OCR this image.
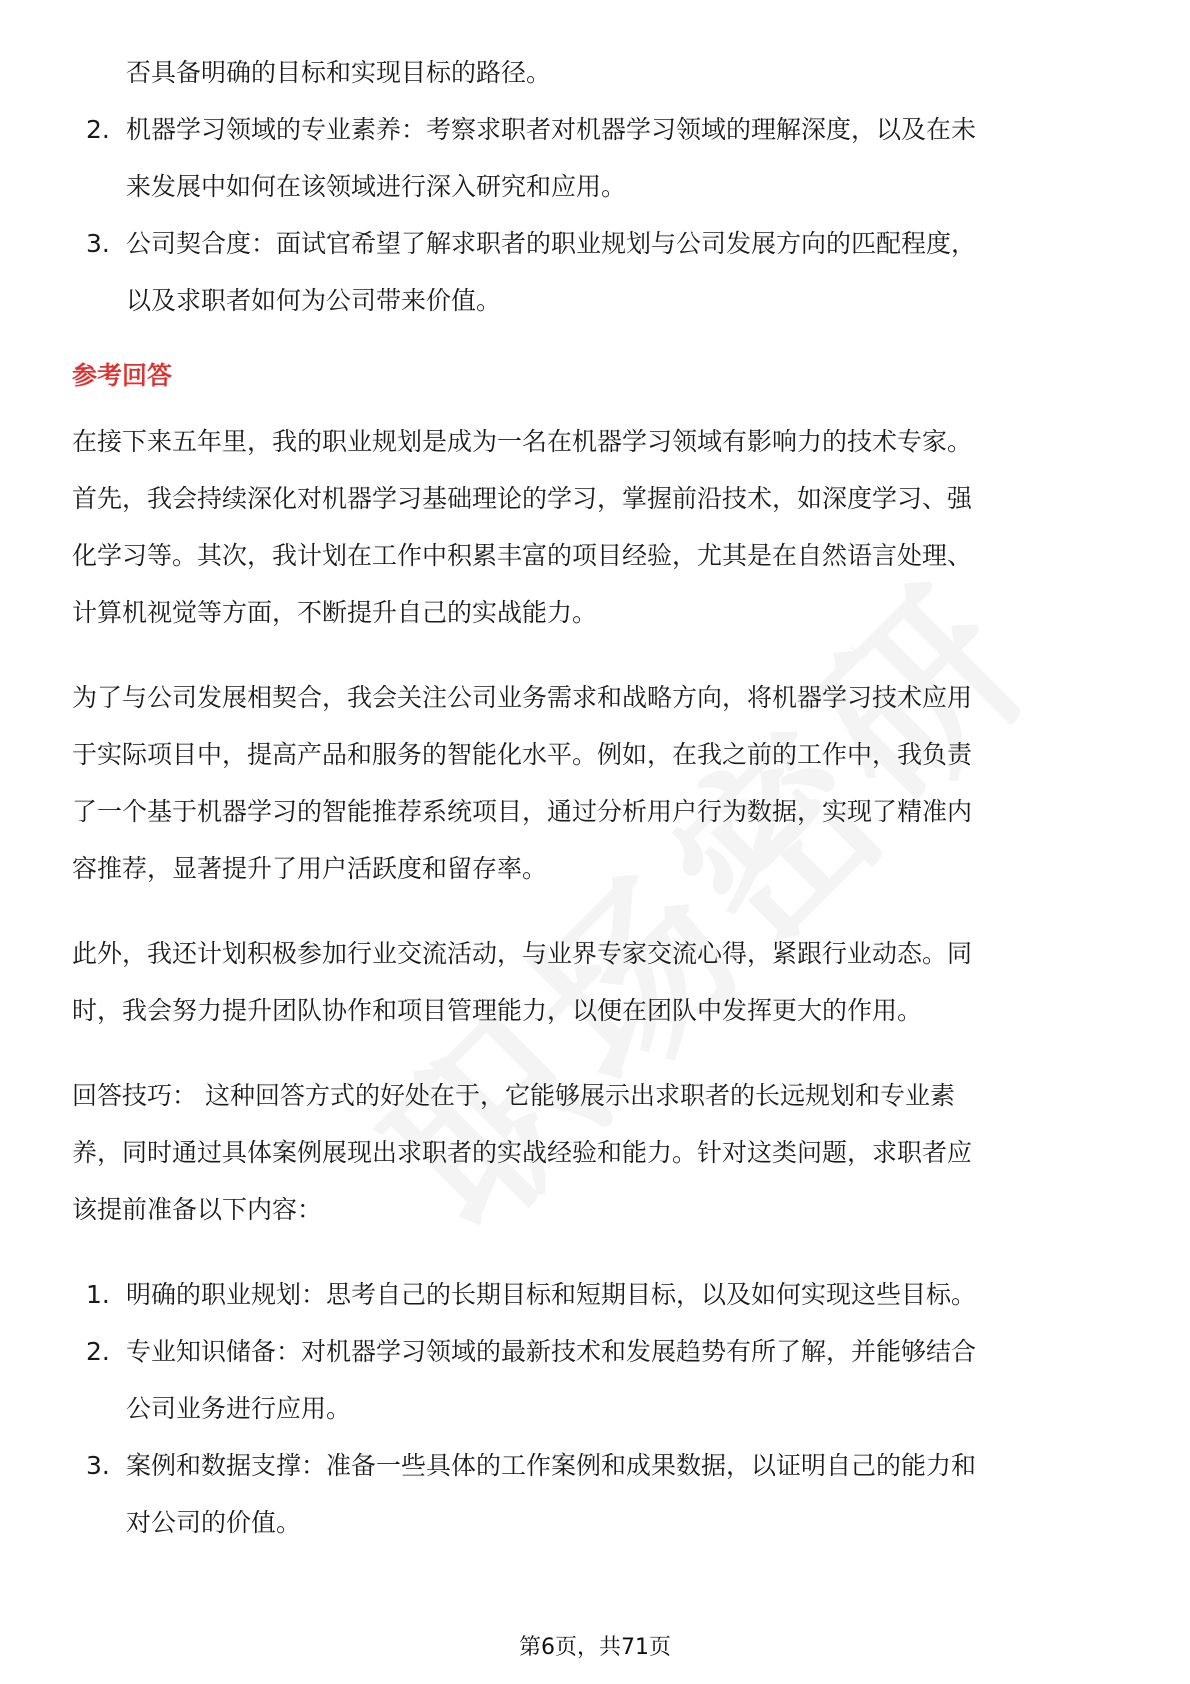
否具备明确的目标和实现目标的路径。
2. 机器学习领域的专业素养：考察求职者对机器学习领域的理解深度，以及在未
来发展中如何在该领域进行深入研究和应用。
3. 公司契合度：面试官希望了解求职者的职业规划与公司发展方向的匹配程度，
以及求职者如何为公司带来价值。
参考回答
在接下来五年里，我的职业规划是成为一名在机器学习领域有影响力的技术专家。
首先，我会持续深化对机器学习基础理论的学习，掌握前沿技术，如深度学习、强
化学习等。其次，我计划在工作中积累丰富的项目经验，尤其是在自然语言处理、
计算机视觉等方面，不断提升自己的实战能力。
为了与公司发展相契合，我会关注公司业务需求和战略方向，将机器学习技术应用
于实际项目中，提高产品和服务的智能化水平。例如，在我之前的工作中，我负责
了一个基于机器学习的智能推荐系统项目，通过分析用户行为数据，实现了精准内
容推荐，显著提升了用户活跃度和留存率。
此外，我还计划积极参加行业交流活动，与业界专家交流心得，紧跟行业动态。同
时，我会努力提升团队协作和项目管理能力，以便在团队中发挥更大的作用。
回答技巧： 这种回答方式的好处在于，它能够展示出求职者的长远规划和专业素
养，同时通过具体案例展现出求职者的实战经验和能力。针对这类问题，求职者应
该提前准备以下内容：
1. 明确的职业规划：思考自己的长期目标和短期目标，以及如何实现这些目标。
2. 专业知识储备：对机器学习领域的最新技术和发展趋势有所了解，并能够结合
公司业务进行应用。
3. 案例和数据支撑：准备一些具体的工作案例和成果数据，以证明自己的能力和
对公司的价值。
第6页，共71页
